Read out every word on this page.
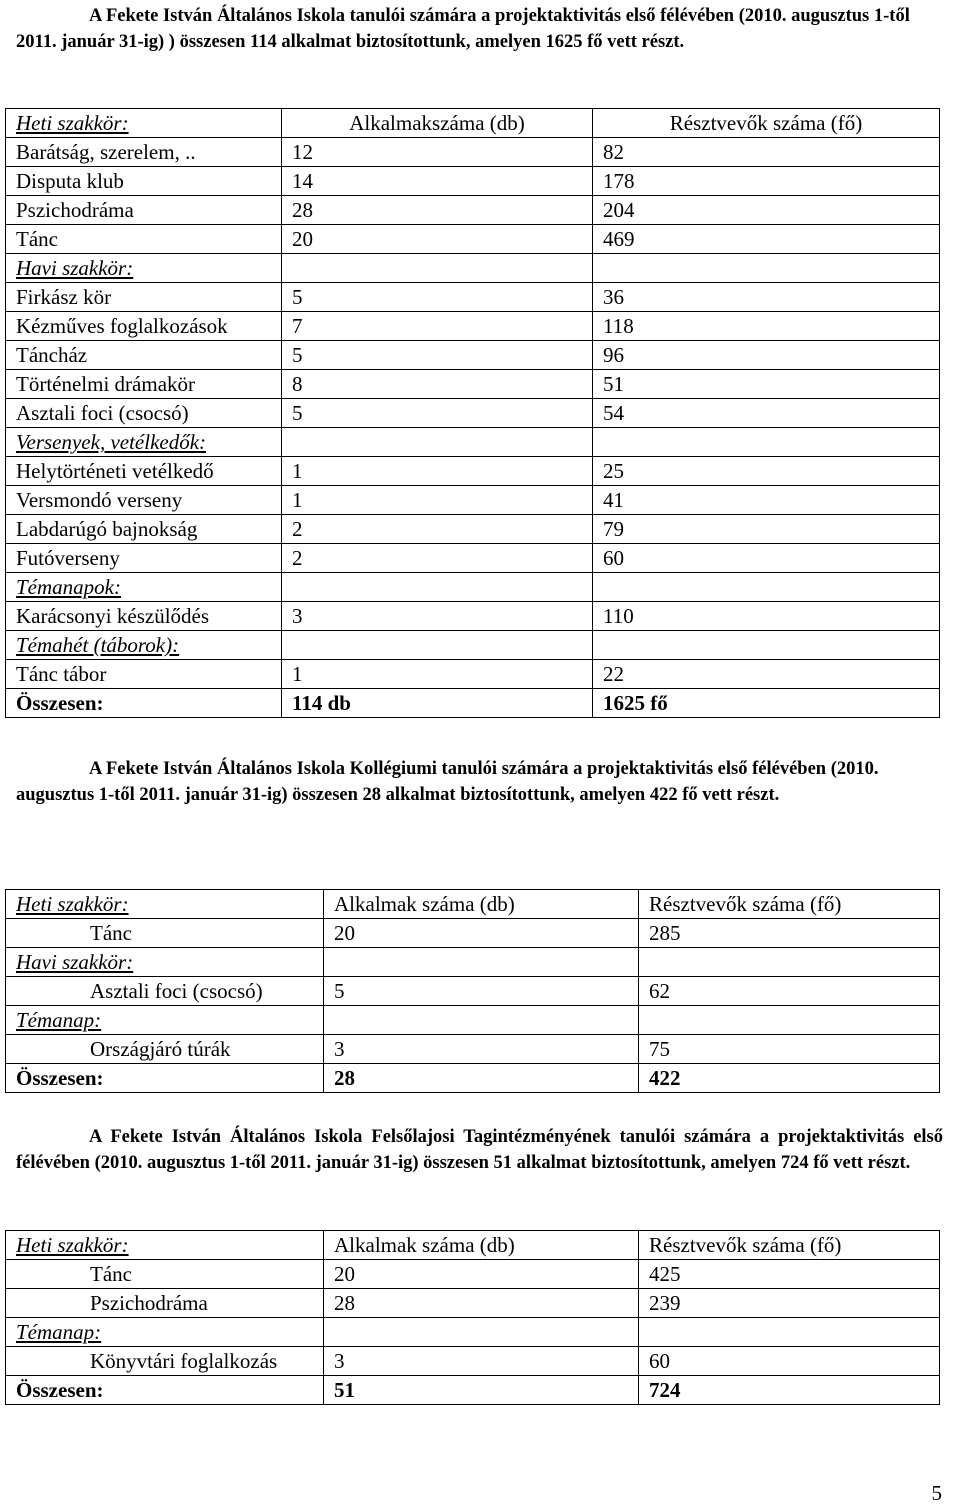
A Fekete István Általános Iskola tanulói számára a projektaktivitás első félévében (2010. augusztus 1-től 2011. január 31-ig) ) összesen 114 alkalmat biztosítottunk, amelyen 1625 fő vett részt.

Heti szakkör:	Alkalmakszáma (db)	Résztvevők száma (fő)
Barátság, szerelem, ..	12	82
Disputa klub	14	178
Pszichodráma	28	204
Tánc	20	469
Havi szakkör:		
Firkász kör	5	36
Kézműves foglalkozások	7	118
Táncház	5	96
Történelmi drámakör	8	51
Asztali foci (csocsó)	5	54
Versenyek, vetélkedők:		
Helytörténeti vetélkedő	1	25
Versmondó verseny	1	41
Labdarúgó bajnokság	2	79
Futóverseny	2	60
Témanapok:		
Karácsonyi készülődés	3	110
Témahét (táborok):		
Tánc tábor	1	22
Összesen:	114 db	1625 fő

A Fekete István Általános Iskola Kollégiumi tanulói számára a projektaktivitás első félévében (2010. augusztus 1-től 2011. január 31-ig) összesen 28 alkalmat biztosítottunk, amelyen 422 fő vett részt.

Heti szakkör:	Alkalmak száma (db)	Résztvevők száma (fő)
Tánc	20	285
Havi szakkör:		
Asztali foci (csocsó)	5	62
Témanap:		
Országjáró túrák	3	75
Összesen:	28	422

A Fekete István Általános Iskola Felsőlajosi Tagintézményének tanulói számára a projektaktivitás első félévében (2010. augusztus 1-től 2011. január 31-ig) összesen 51 alkalmat biztosítottunk, amelyen 724 fő vett részt.

Heti szakkör:	Alkalmak száma (db)	Résztvevők száma (fő)
Tánc	20	425
Pszichodráma	28	239
Témanap:		
Könyvtári foglalkozás	3	60
Összesen:	51	724
5
